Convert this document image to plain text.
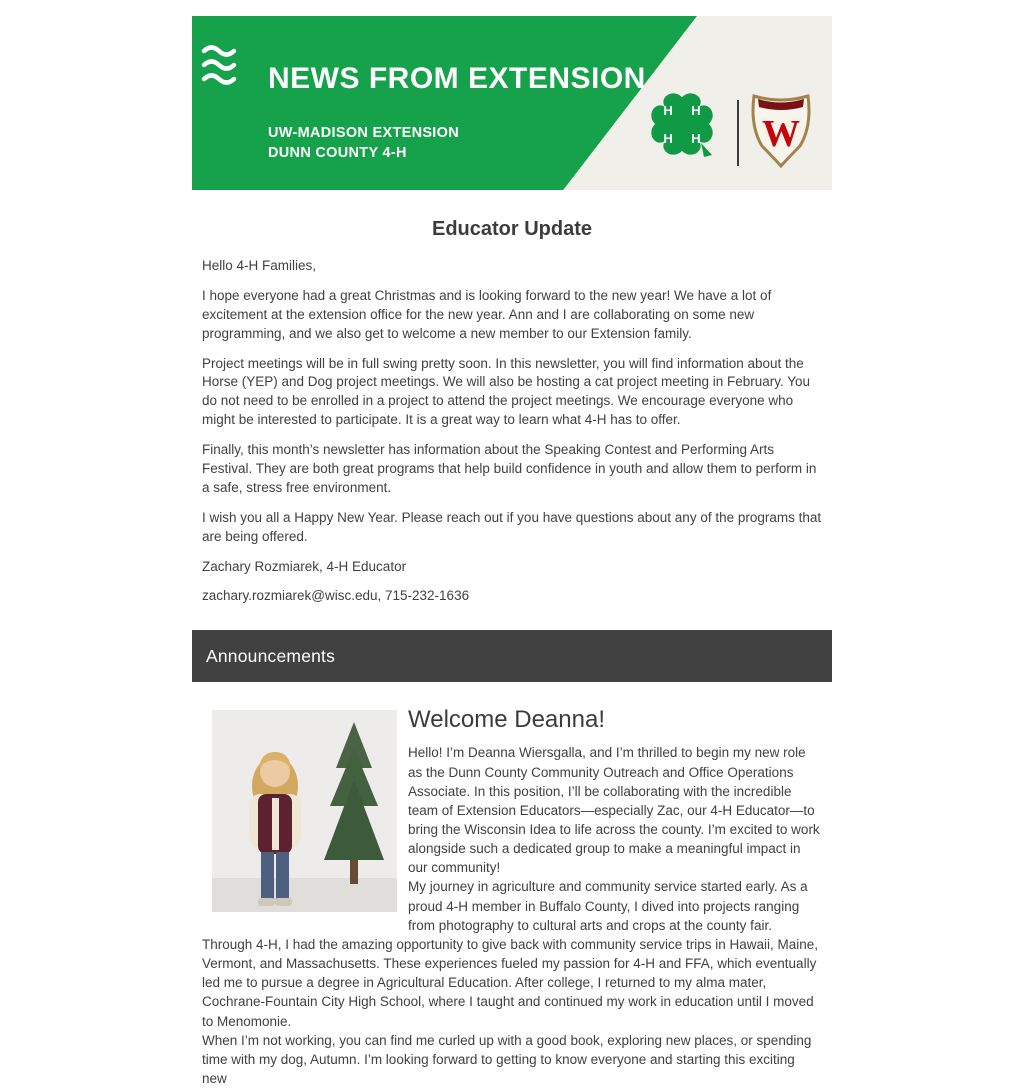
NEWS FROM EXTENSION
UW-MADISON EXTENSION
DUNN COUNTY 4-H
H H
H H W
Educator Update

Hello 4-H Families,

I hope everyone had a great Christmas and is looking forward to the new year! We have a lot of excitement at the extension office for the new year. Ann and I are collaborating on some new programming, and we also get to welcome a new member to our Extension family.

Project meetings will be in full swing pretty soon. In this newsletter, you will find information about the Horse (YEP) and Dog project meetings. We will also be hosting a cat project meeting in February. You do not need to be enrolled in a project to attend the project meetings. We encourage everyone who might be interested to participate. It is a great way to learn what 4-H has to offer.

Finally, this month’s newsletter has information about the Speaking Contest and Performing Arts Festival. They are both great programs that help build confidence in youth and allow them to perform in a safe, stress free environment.

I wish you all a Happy New Year. Please reach out if you have questions about any of the programs that are being offered.

Zachary Rozmiarek, 4-H Educator

zachary.rozmiarek@wisc.edu, 715-232-1636

Announcements
Welcome Deanna!

Hello! I’m Deanna Wiersgalla, and I’m thrilled to begin my new role as the Dunn County Community Outreach and Office Operations Associate. In this position, I’ll be collaborating with the incredible team of Extension Educators—especially Zac, our 4-H Educator—to bring the Wisconsin Idea to life across the county. I’m excited to work alongside such a dedicated group to make a meaningful impact in our community!

My journey in agriculture and community service started early. As a proud 4-H member in Buffalo County, I dived into projects ranging from photography to cultural arts and crops at the county fair. Through 4-H, I had the amazing opportunity to give back with community service trips in Hawaii, Maine, Vermont, and Massachusetts. These experiences fueled my passion for 4-H and FFA, which eventually led me to pursue a degree in Agricultural Education. After college, I returned to my alma mater, Cochrane-Fountain City High School, where I taught and continued my work in education until I moved to Menomonie.

When I’m not working, you can find me curled up with a good book, exploring new places, or spending time with my dog, Autumn. I’m looking forward to getting to know everyone and starting this exciting new
